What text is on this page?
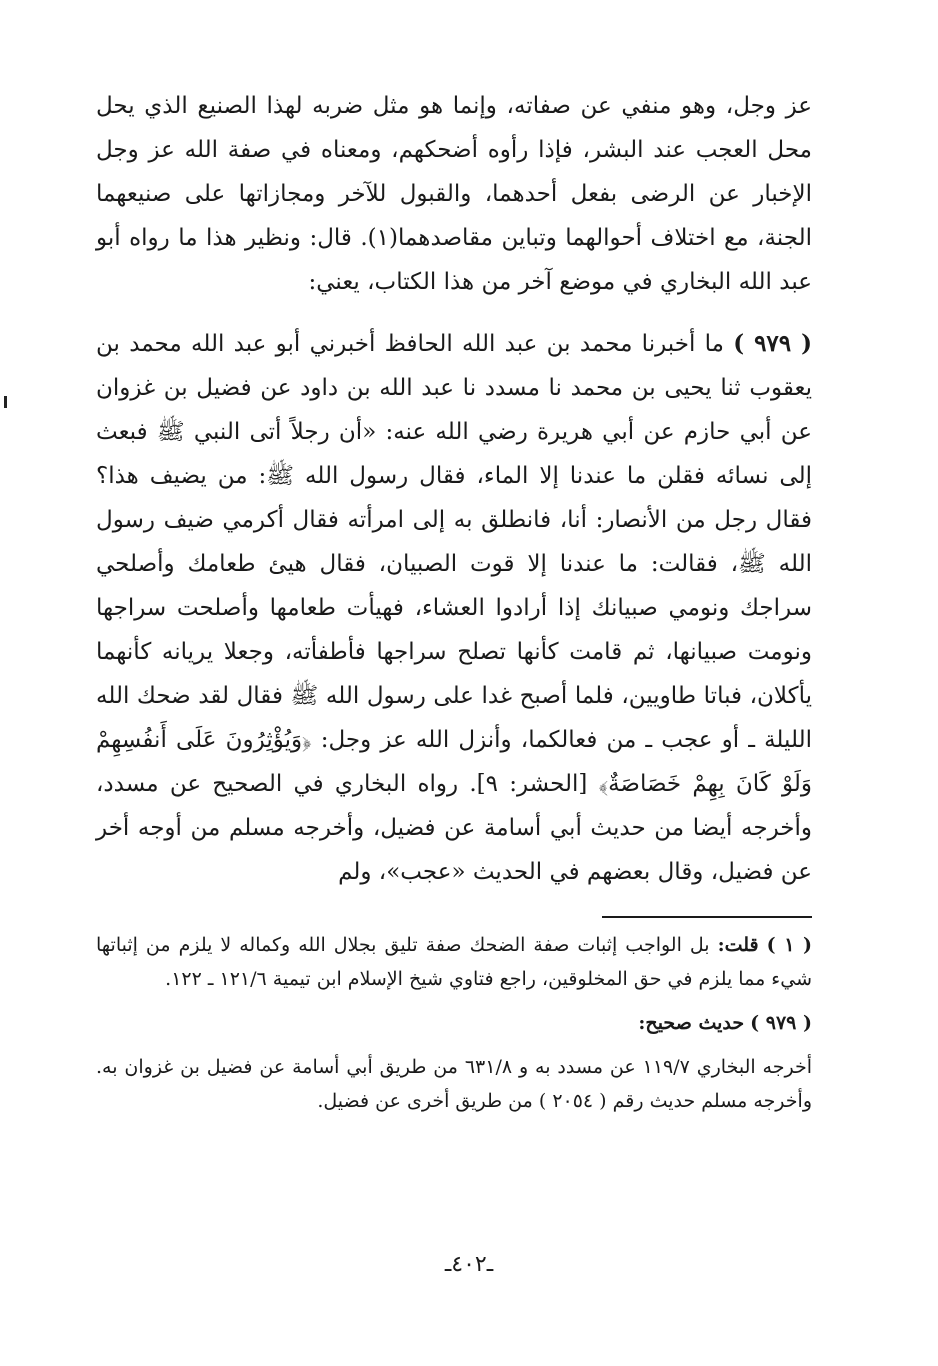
عز وجل، وهو منفي عن صفاته، وإنما هو مثل ضربه لهذا الصنيع الذي يحل محل العجب عند البشر، فإذا رأوه أضحكهم، ومعناه في صفة الله عز وجل الإخبار عن الرضى بفعل أحدهما، والقبول للآخر ومجازاتها على صنيعهما الجنة، مع اختلاف أحوالهما وتباين مقاصدهما(١). قال: ونظير هذا ما رواه أبو عبد الله البخاري في موضع آخر من هذا الكتاب، يعني:

( ٩٧٩ ) ما أخبرنا محمد بن عبد الله الحافظ أخبرني أبو عبد الله محمد بن يعقوب ثنا يحيى بن محمد نا مسدد نا عبد الله بن داود عن فضيل بن غزوان عن أبي حازم عن أبي هريرة رضي الله عنه: «أن رجلاً أتى النبي ﷺ فبعث إلى نسائه فقلن ما عندنا إلا الماء، فقال رسول الله ﷺ: من يضيف هذا؟ فقال رجل من الأنصار: أنا، فانطلق به إلى امرأته فقال أكرمي ضيف رسول الله ﷺ، فقالت: ما عندنا إلا قوت الصبيان، فقال هيئ طعامك وأصلحي سراجك ونومي صبيانك إذا أرادوا العشاء، فهيأت طعامها وأصلحت سراجها ونومت صبيانها، ثم قامت كأنها تصلح سراجها فأطفأته، وجعلا يريانه كأنهما يأكلان، فباتا طاويين، فلما أصبح غدا على رسول الله ﷺ فقال لقد ضحك الله الليلة ـ أو عجب ـ من فعالكما، وأنزل الله عز وجل: ﴿وَيُؤْثِرُونَ عَلَى أَنفُسِهِمْ وَلَوْ كَانَ بِهِمْ خَصَاصَةٌ﴾ [الحشر: ٩]. رواه البخاري في الصحيح عن مسدد، وأخرجه أيضا من حديث أبي أسامة عن فضيل، وأخرجه مسلم من أوجه أخر عن فضيل، وقال بعضهم في الحديث «عجب»، ولم

( ١ ) قلت: بل الواجب إثبات صفة الضحك صفة تليق بجلال الله وكماله لا يلزم من إثباتها شيء مما يلزم في حق المخلوقين، راجع فتاوي شيخ الإسلام ابن تيمية ١٢١/٦ ـ ١٢٢.

( ٩٧٩ ) حديث صحيح:

أخرجه البخاري ١١٩/٧ عن مسدد به و ٦٣١/٨ من طريق أبي أسامة عن فضيل بن غزوان به. وأخرجه مسلم حديث رقم ( ٢٠٥٤ ) من طريق أخرى عن فضيل.

ـ٤٠٢ـ
